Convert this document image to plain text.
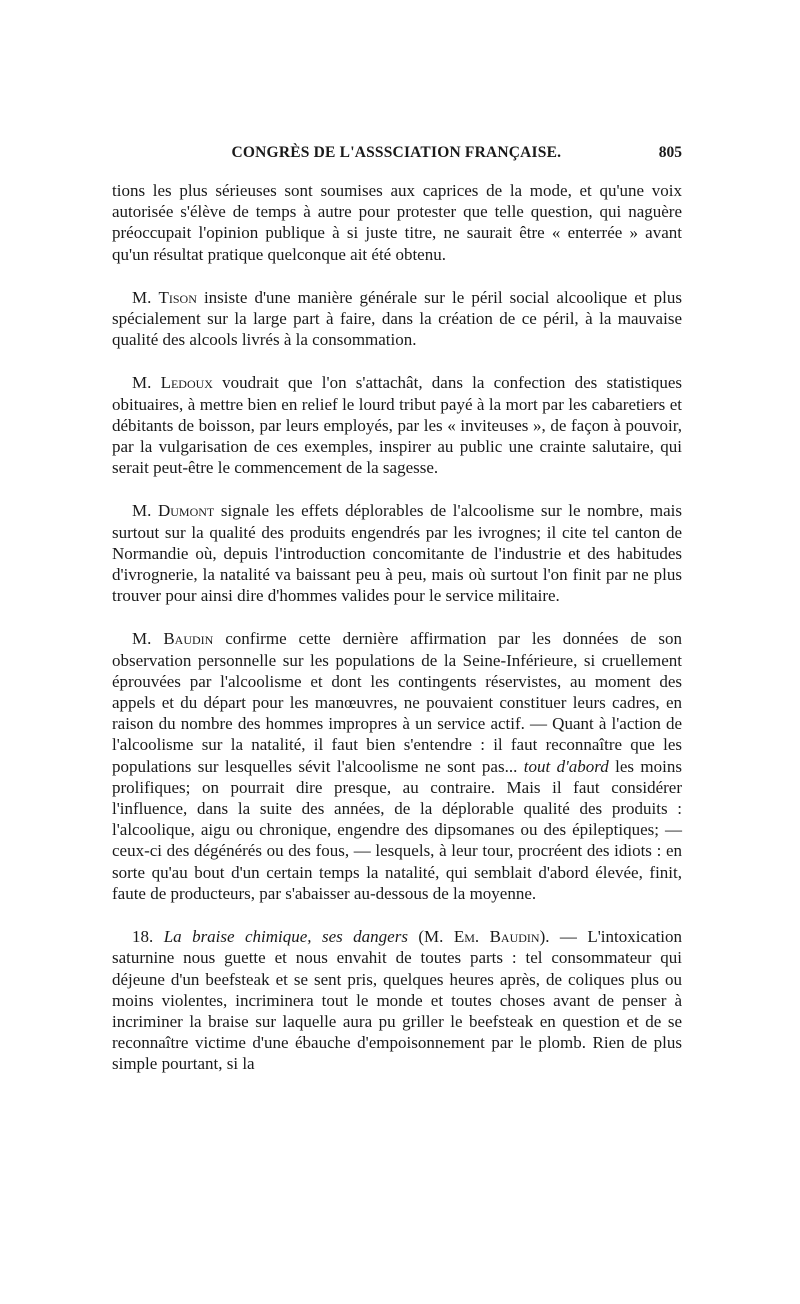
CONGRÈS DE L'ASSSCIATION FRANÇAISE.	805

tions les plus sérieuses sont soumises aux caprices de la mode, et qu'une voix autorisée s'élève de temps à autre pour protester que telle question, qui naguère préoccupait l'opinion publique à si juste titre, ne saurait être « enterrée » avant qu'un résultat pratique quelconque ait été obtenu.

M. Tison insiste d'une manière générale sur le péril social alcoolique et plus spécialement sur la large part à faire, dans la création de ce péril, à la mauvaise qualité des alcools livrés à la consommation.

M. Ledoux voudrait que l'on s'attachât, dans la confection des statistiques obituaires, à mettre bien en relief le lourd tribut payé à la mort par les cabaretiers et débitants de boisson, par leurs employés, par les « inviteuses », de façon à pouvoir, par la vulgarisation de ces exemples, inspirer au public une crainte salutaire, qui serait peut-être le commencement de la sagesse.

M. Dumont signale les effets déplorables de l'alcoolisme sur le nombre, mais surtout sur la qualité des produits engendrés par les ivrognes; il cite tel canton de Normandie où, depuis l'introduction concomitante de l'industrie et des habitudes d'ivrognerie, la natalité va baissant peu à peu, mais où surtout l'on finit par ne plus trouver pour ainsi dire d'hommes valides pour le service militaire.

M. Baudin confirme cette dernière affirmation par les données de son observation personnelle sur les populations de la Seine-Inférieure, si cruellement éprouvées par l'alcoolisme et dont les contingents réservistes, au moment des appels et du départ pour les manœuvres, ne pouvaient constituer leurs cadres, en raison du nombre des hommes impropres à un service actif. — Quant à l'action de l'alcoolisme sur la natalité, il faut bien s'entendre : il faut reconnaître que les populations sur lesquelles sévit l'alcoolisme ne sont pas... tout d'abord les moins prolifiques; on pourrait dire presque, au contraire. Mais il faut considérer l'influence, dans la suite des années, de la déplorable qualité des produits : l'alcoolique, aigu ou chronique, engendre des dipsomanes ou des épileptiques; — ceux-ci des dégénérés ou des fous, — lesquels, à leur tour, procréent des idiots : en sorte qu'au bout d'un certain temps la natalité, qui semblait d'abord élevée, finit, faute de producteurs, par s'abaisser au-dessous de la moyenne.

18. La braise chimique, ses dangers (M. Em. Baudin). — L'intoxication saturnine nous guette et nous envahit de toutes parts : tel consommateur qui déjeune d'un beefsteak et se sent pris, quelques heures après, de coliques plus ou moins violentes, incriminera tout le monde et toutes choses avant de penser à incriminer la braise sur laquelle aura pu griller le beefsteak en question et de se reconnaître victime d'une ébauche d'empoisonnement par le plomb. Rien de plus simple pourtant, si la
